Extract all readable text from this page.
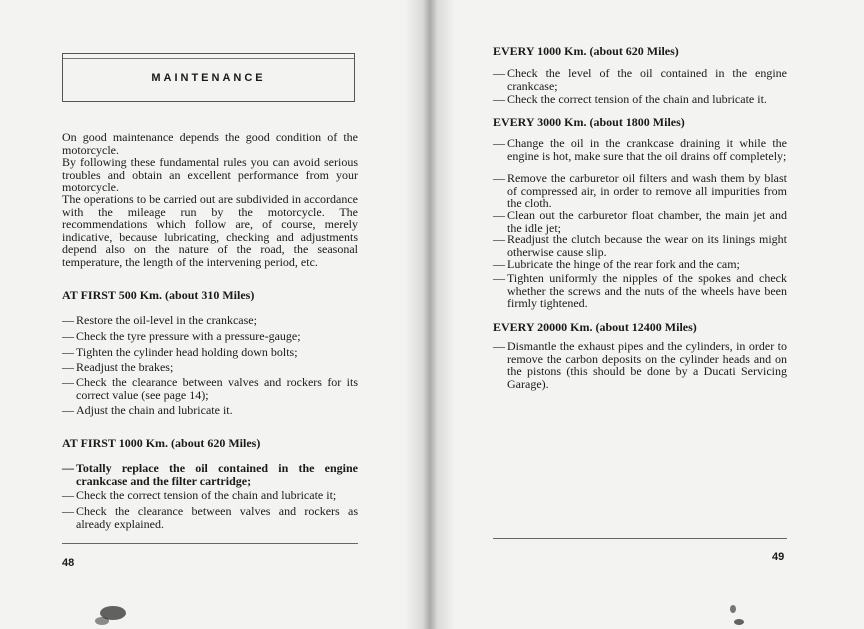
MAINTENANCE
On good maintenance depends the good condition of the motorcycle.
By following these fundamental rules you can avoid serious troubles and obtain an excellent performance from your motorcycle.
The operations to be carried out are subdivided in accordance with the mileage run by the motorcycle. The recommendations which follow are, of course, merely indicative, because lubricating, checking and adjustments depend also on the nature of the road, the seasonal temperature, the length of the intervening period, etc.
AT FIRST 500 Km. (about 310 Miles)
— Restore the oil-level in the crankcase;
— Check the tyre pressure with a pressure-gauge;
— Tighten the cylinder head holding down bolts;
— Readjust the brakes;
— Check the clearance between valves and rockers for its correct value (see page 14);
— Adjust the chain and lubricate it.
AT FIRST 1000 Km. (about 620 Miles)
— Totally replace the oil contained in the engine crankcase and the filter cartridge;
— Check the correct tension of the chain and lubricate it;
— Check the clearance between valves and rockers as already explained.
48
EVERY 1000 Km. (about 620 Miles)
— Check the level of the oil contained in the engine crankcase;
— Check the correct tension of the chain and lubricate it.
EVERY 3000 Km. (about 1800 Miles)
— Change the oil in the crankcase draining it while the engine is hot, make sure that the oil drains off completely;
— Remove the carburetor oil filters and wash them by blast of compressed air, in order to remove all impurities from the cloth.
— Clean out the carburetor float chamber, the main jet and the idle jet;
— Readjust the clutch because the wear on its linings might otherwise cause slip.
— Lubricate the hinge of the rear fork and the cam;
— Tighten uniformly the nipples of the spokes and check whether the screws and the nuts of the wheels have been firmly tightened.
EVERY 20000 Km. (about 12400 Miles)
— Dismantle the exhaust pipes and the cylinders, in order to remove the carbon deposits on the cylinder heads and on the pistons (this should be done by a Ducati Servicing Garage).
49
